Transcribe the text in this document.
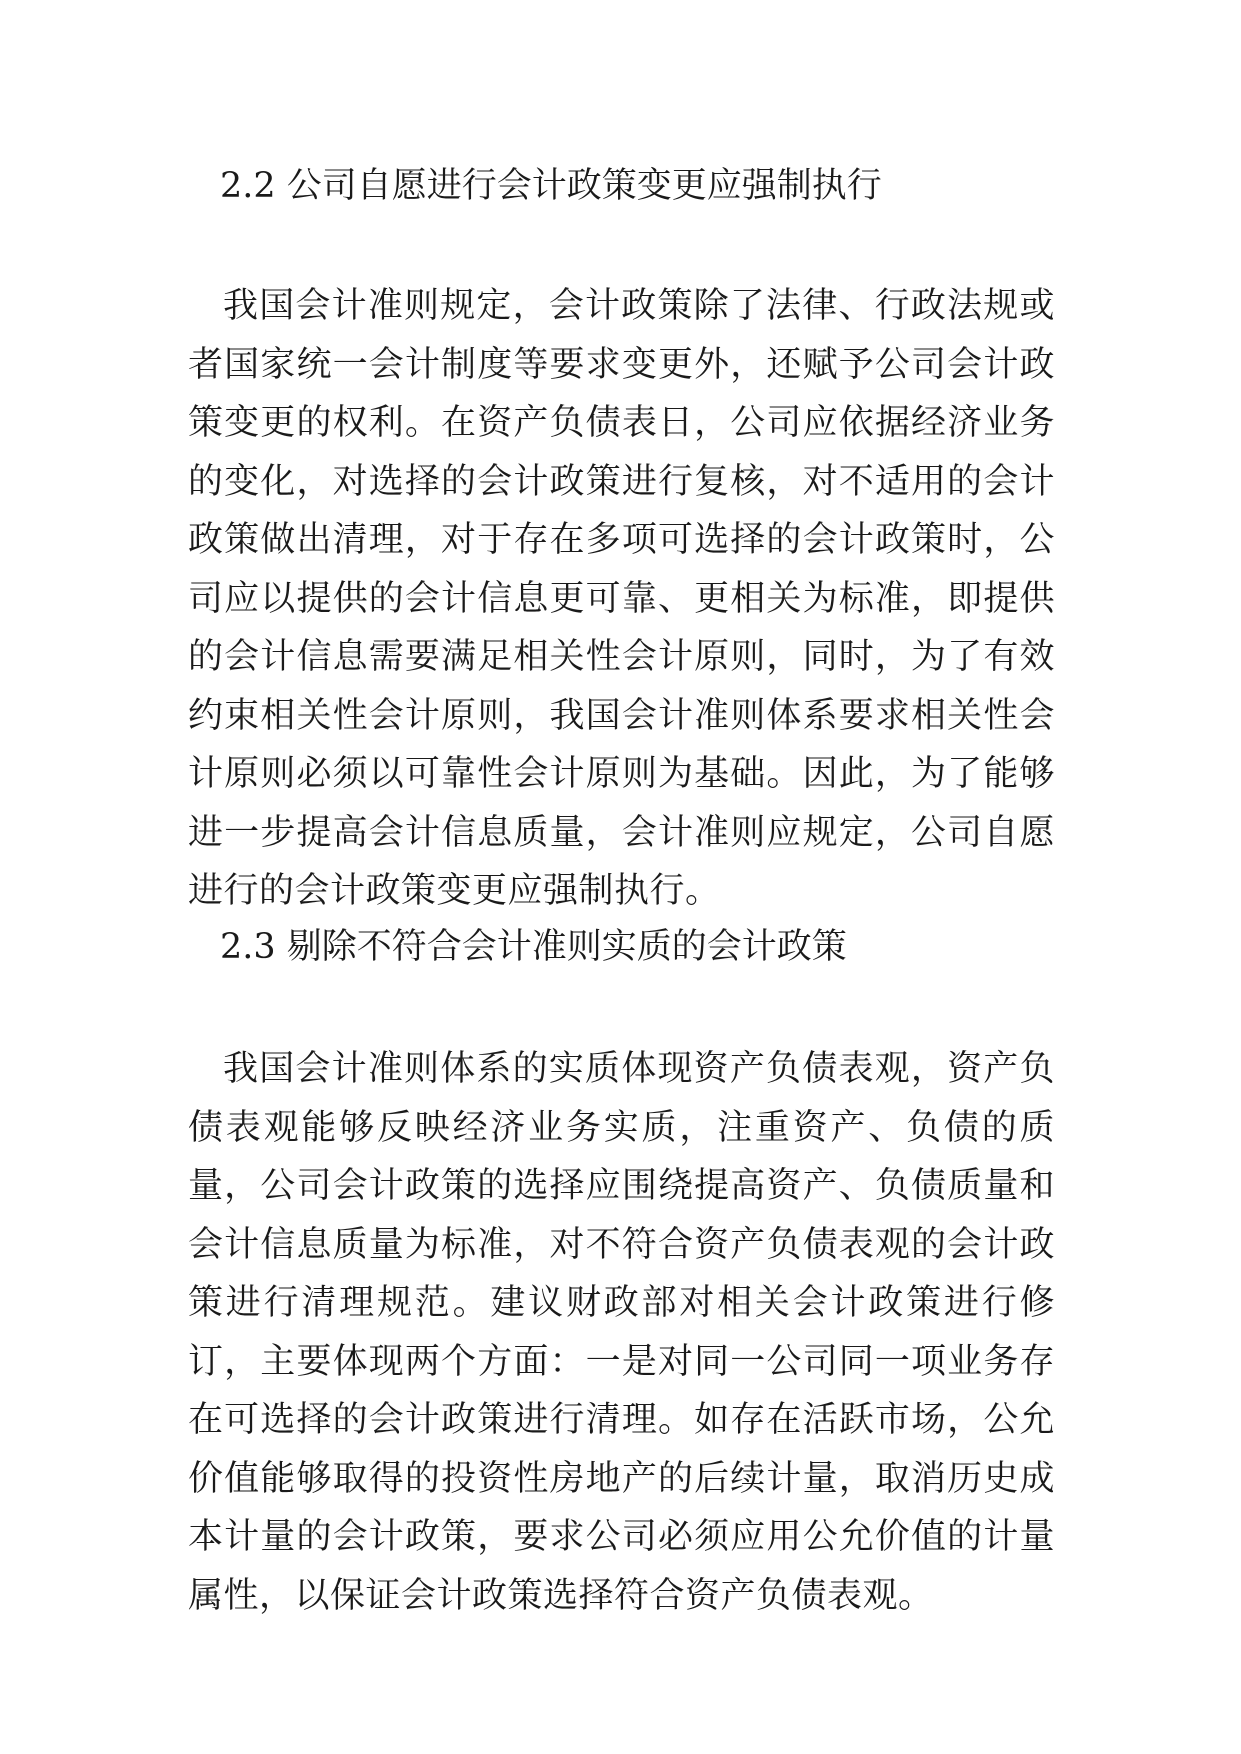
2.2 公司自愿进行会计政策变更应强制执行

我国会计准则规定，会计政策除了法律、行政法规或者国家统一会计制度等要求变更外，还赋予公司会计政策变更的权利。在资产负债表日，公司应依据经济业务的变化，对选择的会计政策进行复核，对不适用的会计政策做出清理，对于存在多项可选择的会计政策时，公司应以提供的会计信息更可靠、更相关为标准，即提供的会计信息需要满足相关性会计原则，同时，为了有效约束相关性会计原则，我国会计准则体系要求相关性会计原则必须以可靠性会计原则为基础。因此，为了能够进一步提高会计信息质量，会计准则应规定，公司自愿进行的会计政策变更应强制执行。

2.3 剔除不符合会计准则实质的会计政策

我国会计准则体系的实质体现资产负债表观，资产负债表观能够反映经济业务实质，注重资产、负债的质量，公司会计政策的选择应围绕提高资产、负债质量和会计信息质量为标准，对不符合资产负债表观的会计政策进行清理规范。建议财政部对相关会计政策进行修订，主要体现两个方面：一是对同一公司同一项业务存在可选择的会计政策进行清理。如存在活跃市场，公允价值能够取得的投资性房地产的后续计量，取消历史成本计量的会计政策，要求公司必须应用公允价值的计量属性，以保证会计政策选择符合资产负债表观。
